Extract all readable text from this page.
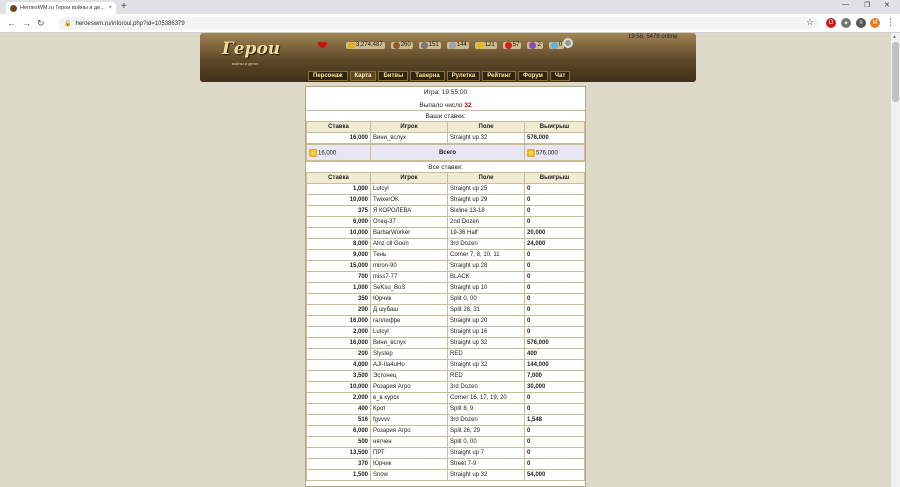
HeroesWM.ru Герои войны и де... × +	— ❐ ✕
← → ↻	🔒 heroeswm.ru/inforoul.php?id=105386379	☆	O	✦	≡	М ⋮
▲
Герои
войны и денег
❤	3,274,487	260	151	144	121	57	2	0
19:58, 5478 online
Персонаж	Карта	Битвы	Таверна	Рулетка	Рейтинг	Форум	Чат
Игра: 19:55:00
Выпало число 32
Ваши ставки:
Ставка	Игрок	Поле	Выигрыш
16,000	Вини_вслух	Straight up 32	576,000
16,000	Всего	576,000
Все ставки:
Ставка	Игрок	Поле	Выигрыш
1,000	Lutcyl	Straight up 25	0
10,000	TwixerOK	Straight up 29	0
375	Я КОРОЛЕВА	Sixline 13-18	0
6,000	Отец-37	2nd Dozen	0
10,000	BarbarWorker	19-36 Half	20,000
8,000	Alnz oll Goun	3rd Dozen	24,000
9,000	Тень	Corner 7, 8, 10, 11	0
15,000	miron-90	Straight up 28	0
700	miss7-77	BLACK	0
1,000	SeKsu_BoS	Straight up 10	0
350	Юрчик	Split 0, 00	0
200	Д шубаш	Split 28, 31	0
16,000	галлифре	Straight up 20	0
2,000	Lutcyl	Straight up 16	0
16,000	Вини_вслух	Straight up 32	576,000
200	Slystep	RED	400
4,000	AJI-IIa4uHo	Straight up 32	144,000
3,500	Эстонец	RED	7,000
10,000	Розария Агро	3rd Dozen	30,000
2,000	в_в курск	Corner 16, 17, 19, 20	0
400	Крот	Split 8, 9	0
516	fgvvvv	3rd Dozen	1,548
6,000	Розария Агро	Split 26, 29	0
500	нягчен	Split 0, 00	0
13,500	ПРТ	Straight up 7	0
370	Юрчик	Street 7-9	0
1,500	Snow	Straight up 32	54,000
